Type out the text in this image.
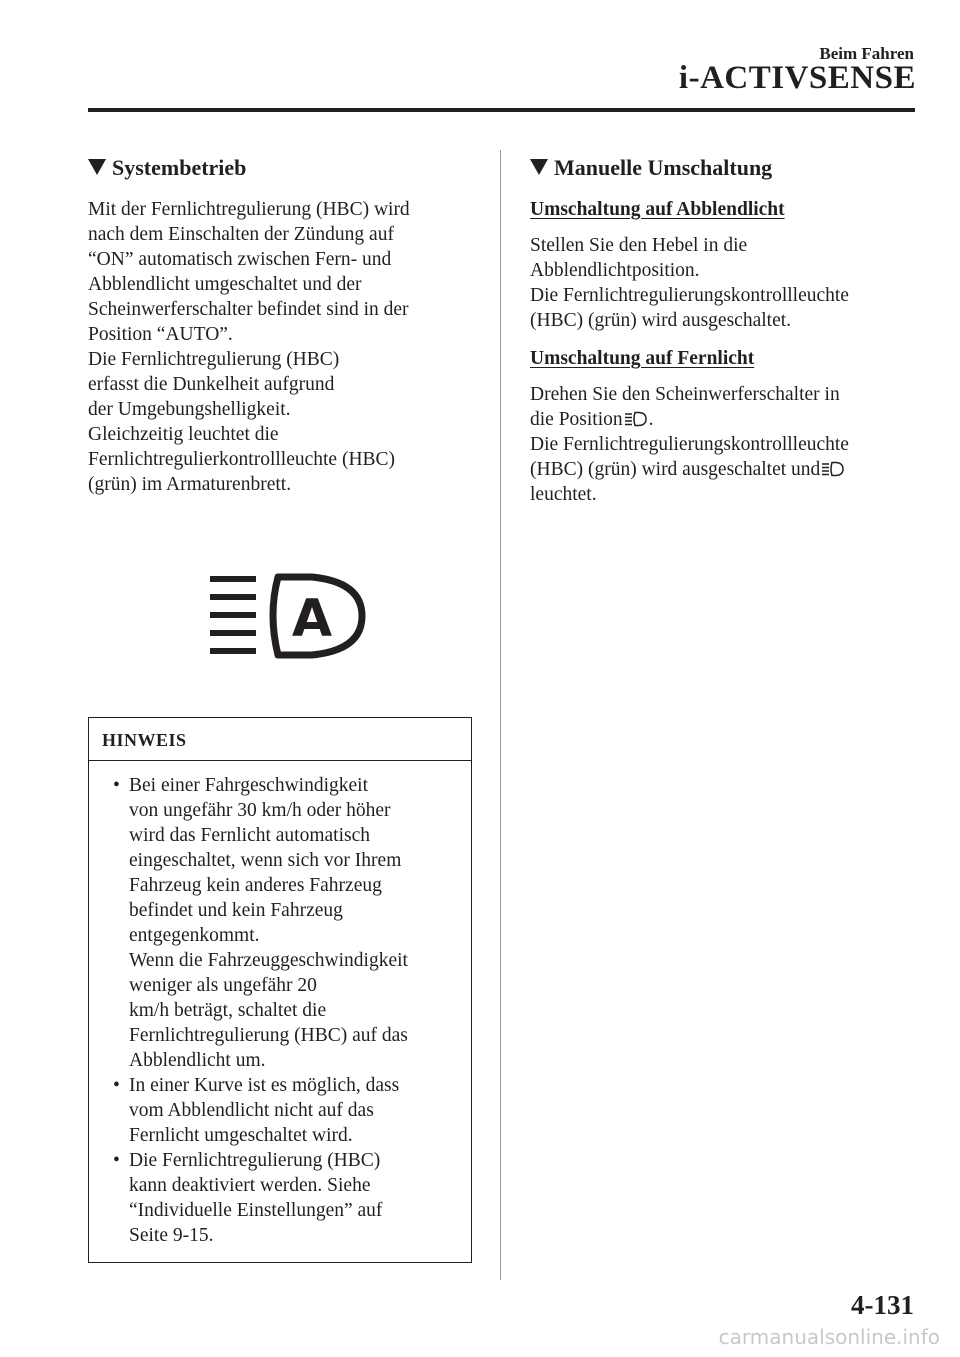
Beim Fahren
i-ACTIVSENSE
Systembetrieb

Mit der Fernlichtregulierung (HBC) wird
nach dem Einschalten der Zündung auf
“ON” automatisch zwischen Fern- und
Abblendlicht umgeschaltet und der
Scheinwerferschalter befindet sind in der
Position “AUTO”.
Die Fernlichtregulierung (HBC)
erfasst die Dunkelheit aufgrund
der Umgebungshelligkeit.
Gleichzeitig leuchtet die
Fernlichtregulierkontrollleuchte (HBC)
(grün) im Armaturenbrett.

A
HINWEIS
• Bei einer Fahrgeschwindigkeit
von ungefähr 30 km/h oder höher
wird das Fernlicht automatisch
eingeschaltet, wenn sich vor Ihrem
Fahrzeug kein anderes Fahrzeug
befindet und kein Fahrzeug
entgegenkommt.
Wenn die Fahrzeuggeschwindigkeit
weniger als ungefähr 20
km/h beträgt, schaltet die
Fernlichtregulierung (HBC) auf das
Abblendlicht um.
• In einer Kurve ist es möglich, dass
vom Abblendlicht nicht auf das
Fernlicht umgeschaltet wird.
• Die Fernlichtregulierung (HBC)
kann deaktiviert werden. Siehe
“Individuelle Einstellungen” auf
Seite 9-15.
Manuelle Umschaltung
Umschaltung auf Abblendlicht

Stellen Sie den Hebel in die
Abblendlichtposition.
Die Fernlichtregulierungskontrollleuchte
(HBC) (grün) wird ausgeschaltet.

Umschaltung auf Fernlicht

Drehen Sie den Scheinwerferschalter in
die Position .
Die Fernlichtregulierungskontrollleuchte
(HBC) (grün) wird ausgeschaltet und
leuchtet.

4-131
carmanualsonline.info
